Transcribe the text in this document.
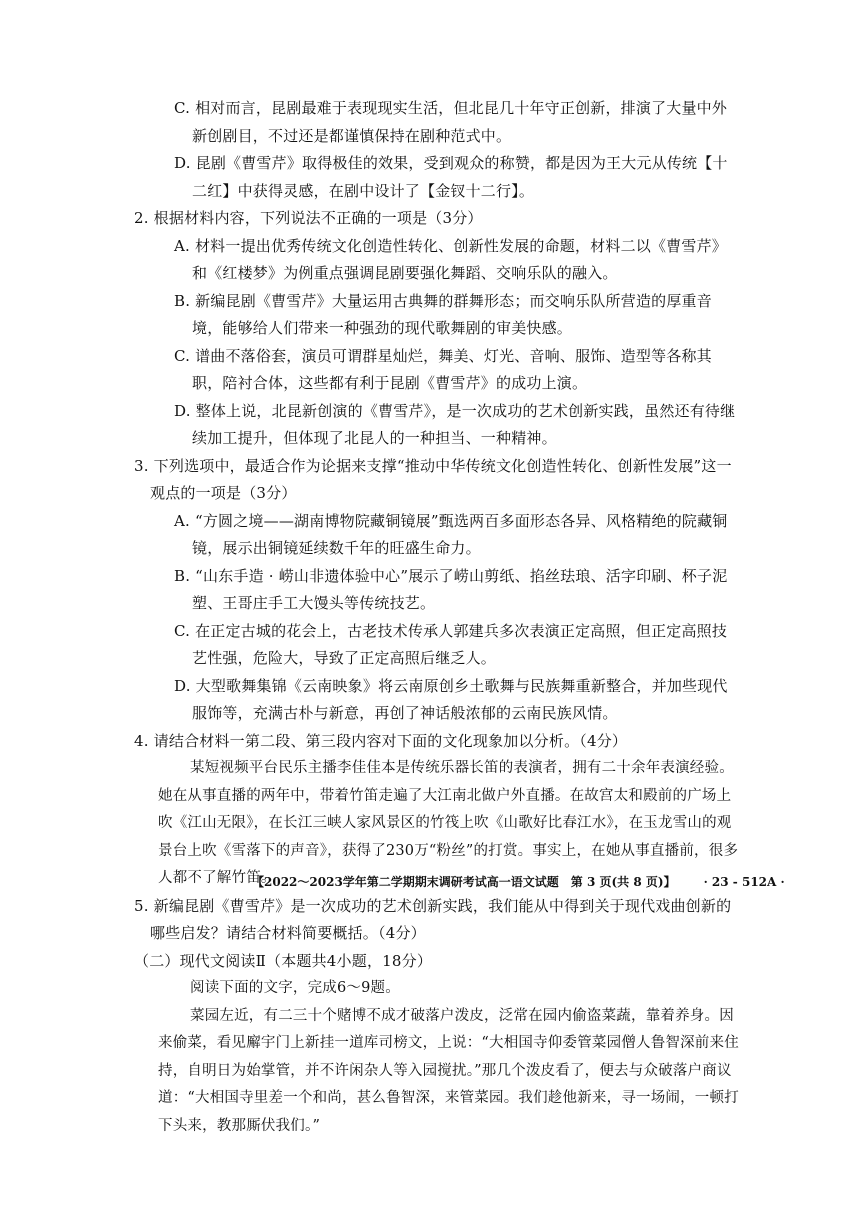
C. 相对而言，昆剧最难于表现现实生活，但北昆几十年守正创新，排演了大量中外新创剧目，不过还是都谨慎保持在剧种范式中。

D. 昆剧《曹雪芹》取得极佳的效果，受到观众的称赞，都是因为王大元从传统【十二红】中获得灵感，在剧中设计了【金钗十二行】。

2. 根据材料内容，下列说法不正确的一项是（3分）

A. 材料一提出优秀传统文化创造性转化、创新性发展的命题，材料二以《曹雪芹》和《红楼梦》为例重点强调昆剧要强化舞蹈、交响乐队的融入。

B. 新编昆剧《曹雪芹》大量运用古典舞的群舞形态；而交响乐队所营造的厚重音境，能够给人们带来一种强劲的现代歌舞剧的审美快感。

C. 谱曲不落俗套，演员可谓群星灿烂，舞美、灯光、音响、服饰、造型等各称其职，陪衬合体，这些都有利于昆剧《曹雪芹》的成功上演。

D. 整体上说，北昆新创演的《曹雪芹》，是一次成功的艺术创新实践，虽然还有待继续加工提升，但体现了北昆人的一种担当、一种精神。

3. 下列选项中，最适合作为论据来支撑“推动中华传统文化创造性转化、创新性发展”这一观点的一项是（3分）

A. “方圆之境——湖南博物院藏铜镜展”甄选两百多面形态各异、风格精绝的院藏铜镜，展示出铜镜延续数千年的旺盛生命力。

B. “山东手造 · 崂山非遗体验中心”展示了崂山剪纸、掐丝珐琅、活字印刷、杯子泥塑、王哥庄手工大馒头等传统技艺。

C. 在正定古城的花会上，古老技术传承人郭建兵多次表演正定高照，但正定高照技艺性强，危险大，导致了正定高照后继乏人。

D. 大型歌舞集锦《云南映象》将云南原创乡土歌舞与民族舞重新整合，并加些现代服饰等，充满古朴与新意，再创了神话般浓郁的云南民族风情。

4. 请结合材料一第二段、第三段内容对下面的文化现象加以分析。（4分）

某短视频平台民乐主播李佳佳本是传统乐器长笛的表演者，拥有二十余年表演经验。她在从事直播的两年中，带着竹笛走遍了大江南北做户外直播。在故宫太和殿前的广场上吹《江山无限》，在长江三峡人家风景区的竹筏上吹《山歌好比春江水》，在玉龙雪山的观景台上吹《雪落下的声音》，获得了230万“粉丝”的打赏。事实上，在她从事直播前，很多人都不了解竹笛。

5. 新编昆剧《曹雪芹》是一次成功的艺术创新实践，我们能从中得到关于现代戏曲创新的哪些启发？请结合材料简要概括。（4分）

（二）现代文阅读Ⅱ（本题共4小题，18分）

阅读下面的文字，完成6～9题。

菜园左近，有二三十个赌博不成才破落户泼皮，泛常在园内偷盗菜蔬，靠着养身。因来偷菜，看见廨宇门上新挂一道库司榜文，上说：“大相国寺仰委管菜园僧人鲁智深前来住持，自明日为始掌管，并不许闲杂人等入园搅扰。”那几个泼皮看了，便去与众破落户商议道：“大相国寺里差一个和尚，甚么鲁智深，来管菜园。我们趁他新来，寻一场闹，一顿打下头来，教那厮伏我们。”

【2022～2023学年第二学期期末调研考试高一语文试题　第 3 页(共 8 页)】 · 23 - 512A ·
